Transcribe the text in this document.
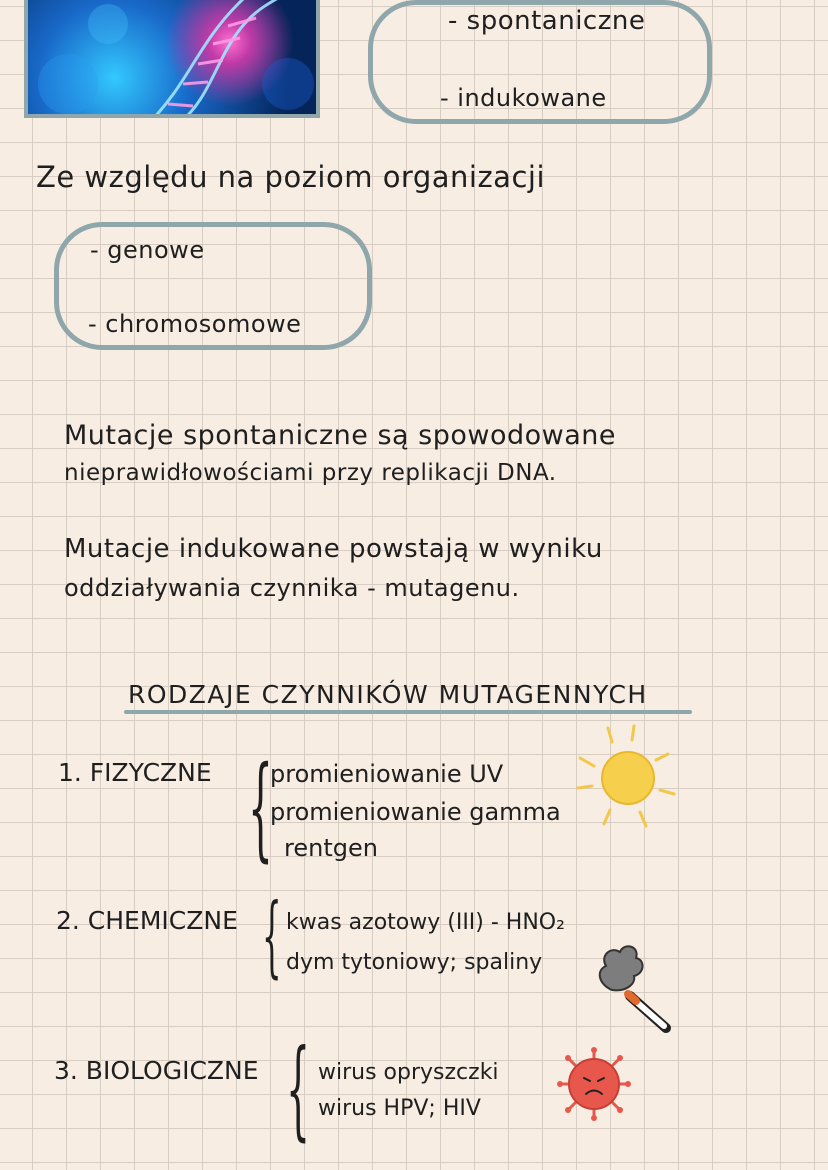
- spontaniczne
- indukowane
Ze względu na poziom organizacji
- genowe
- chromosomowe
Mutacje spontaniczne są spowodowane
nieprawidłowościami przy replikacji DNA.
Mutacje indukowane powstają w wyniku
oddziaływania czynnika - mutagenu.
RODZAJE CZYNNIKÓW MUTAGENNYCH
1. FIZYCZNE {
promieniowanie UV
promieniowanie gamma
rentgen
2. CHEMICZNE { kwas azotowy (III) - HNO₂
dym tytoniowy; spaliny
3. BIOLOGICZNE { wirus opryszczki
wirus HPV; HIV
